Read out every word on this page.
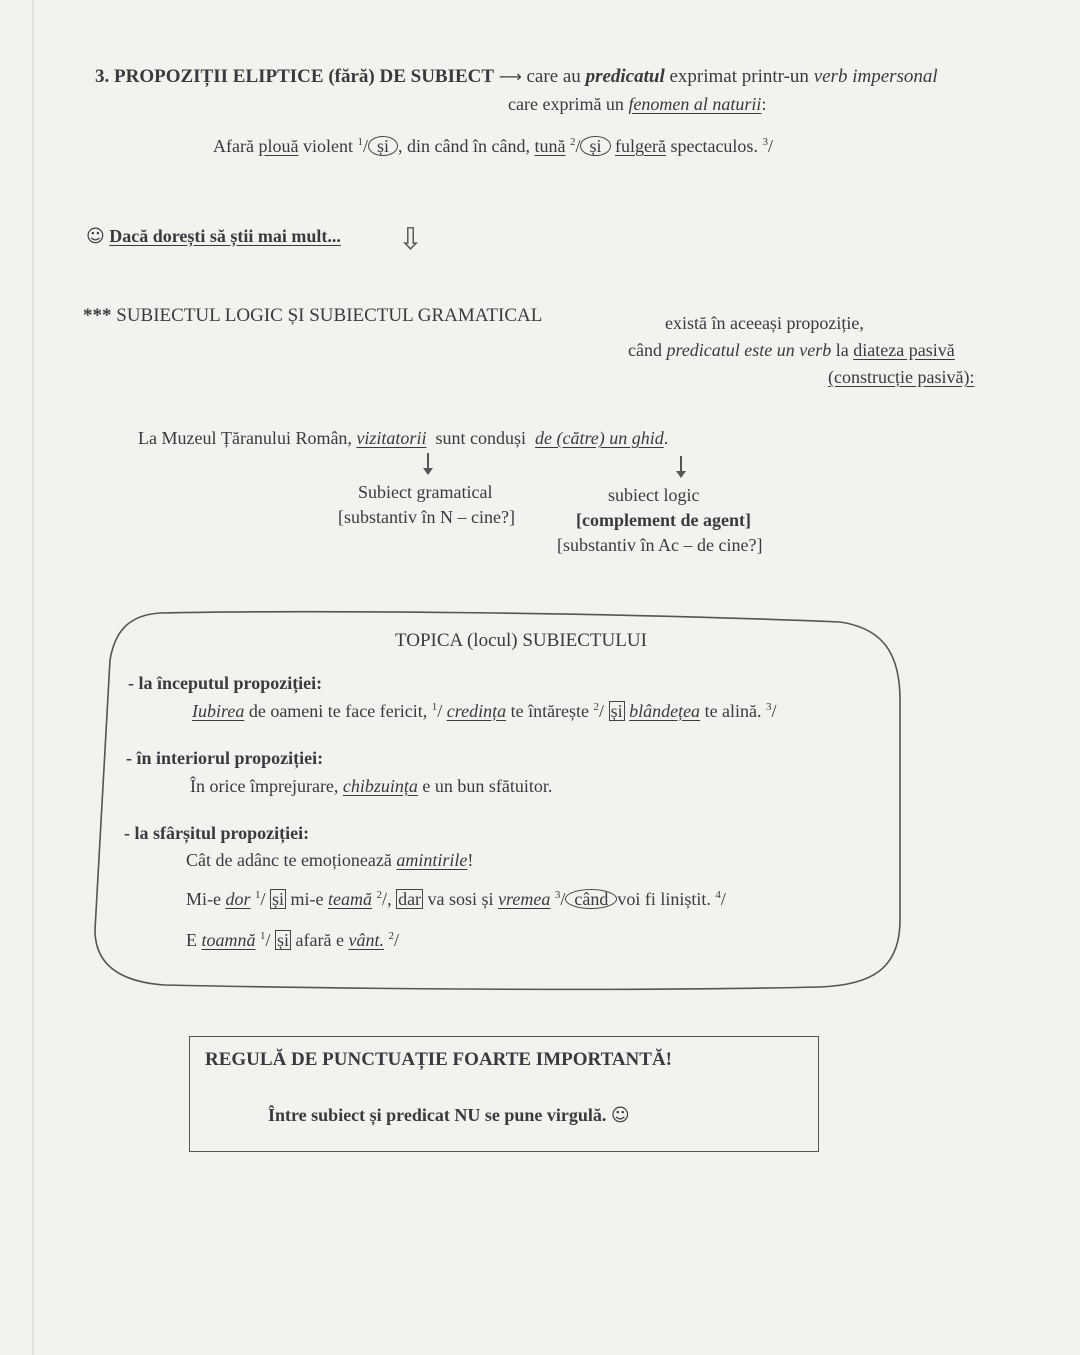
3. PROPOZIȚII ELIPTICE (fără) DE SUBIECT ⟶ care au predicatul exprimat printr-un verb impersonal
care exprimă un fenomen al naturii:
Afară plouă violent $^1$/ și , din când în când, tună $^2$/ și fulgeră spectaculos. $^3$/
☺ Dacă dorești să știi mai mult... ⇩
*** SUBIECTUL LOGIC ȘI SUBIECTUL GRAMATICAL	există în aceeași propoziție,
când predicatul este un verb la diateza pasivă
(construcție pasivă):
La Muzeul Țăranului Român, vizitatorii sunt conduși de (către) un ghid.
Subiect gramatical
[substantiv în N – cine?]
subiect logic
[complement de agent]
[substantiv în Ac – de cine?]
TOPICA (locul) SUBIECTULUI
- la începutul propoziției:
Iubirea de oameni te face fericit, $^1$/ credința te întărește $^2$/ și blândețea te alină. $^3$/
- în interiorul propoziției:
În orice împrejurare, chibzuința e un bun sfătuitor.
- la sfârșitul propoziției:
Cât de adânc te emoționează amintirile!
Mi-e dor $^1$/ și mi-e teamă $^2$/, dar va sosi și vremea $^3$/ când voi fi liniștit. $^4$/
E toamnă $^1$/ și afară e vânt. $^2$/
REGULĂ DE PUNCTUAȚIE FOARTE IMPORTANTĂ!
Între subiect și predicat NU se pune virgulă. ☺
